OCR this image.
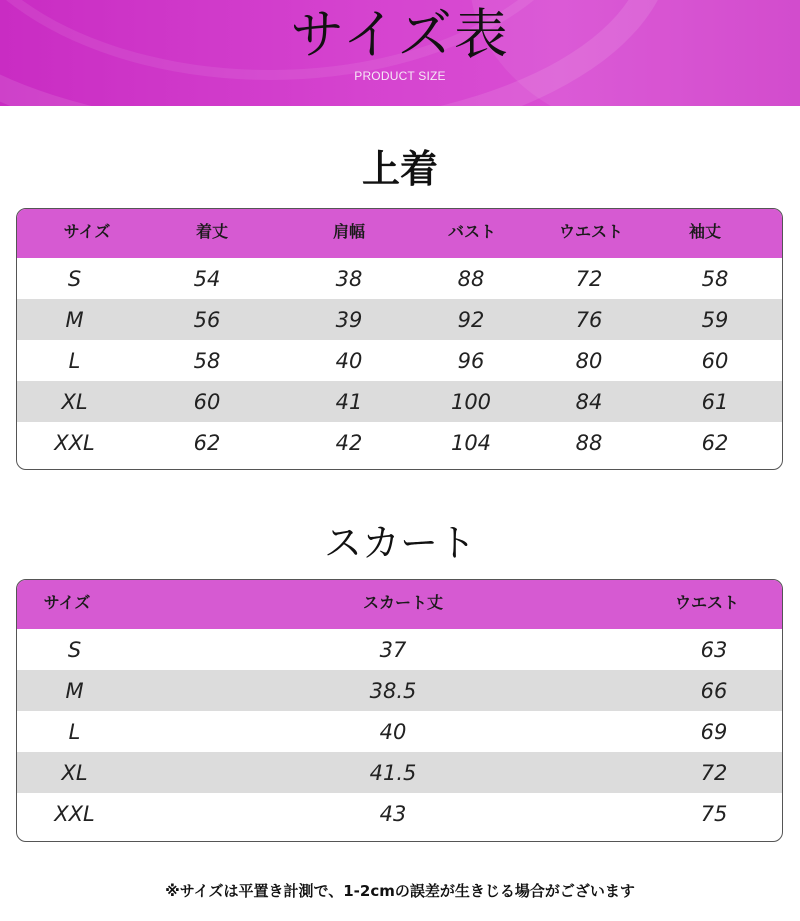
サイズ表
PRODUCT SIZE
上着
サイズ	着丈	肩幅	バスト	ウエスト	袖丈
S	54	38	88	72	58
M	56	39	92	76	59
L	58	40	96	80	60
XL	60	41	100	84	61
XXL	62	42	104	88	62
スカート
サイズ	スカート丈	ウエスト
S	37	63
M	38.5	66
L	40	69
XL	41.5	72
XXL	43	75
※サイズは平置き計測で、1-2cmの誤差が生きじる場合がございます
